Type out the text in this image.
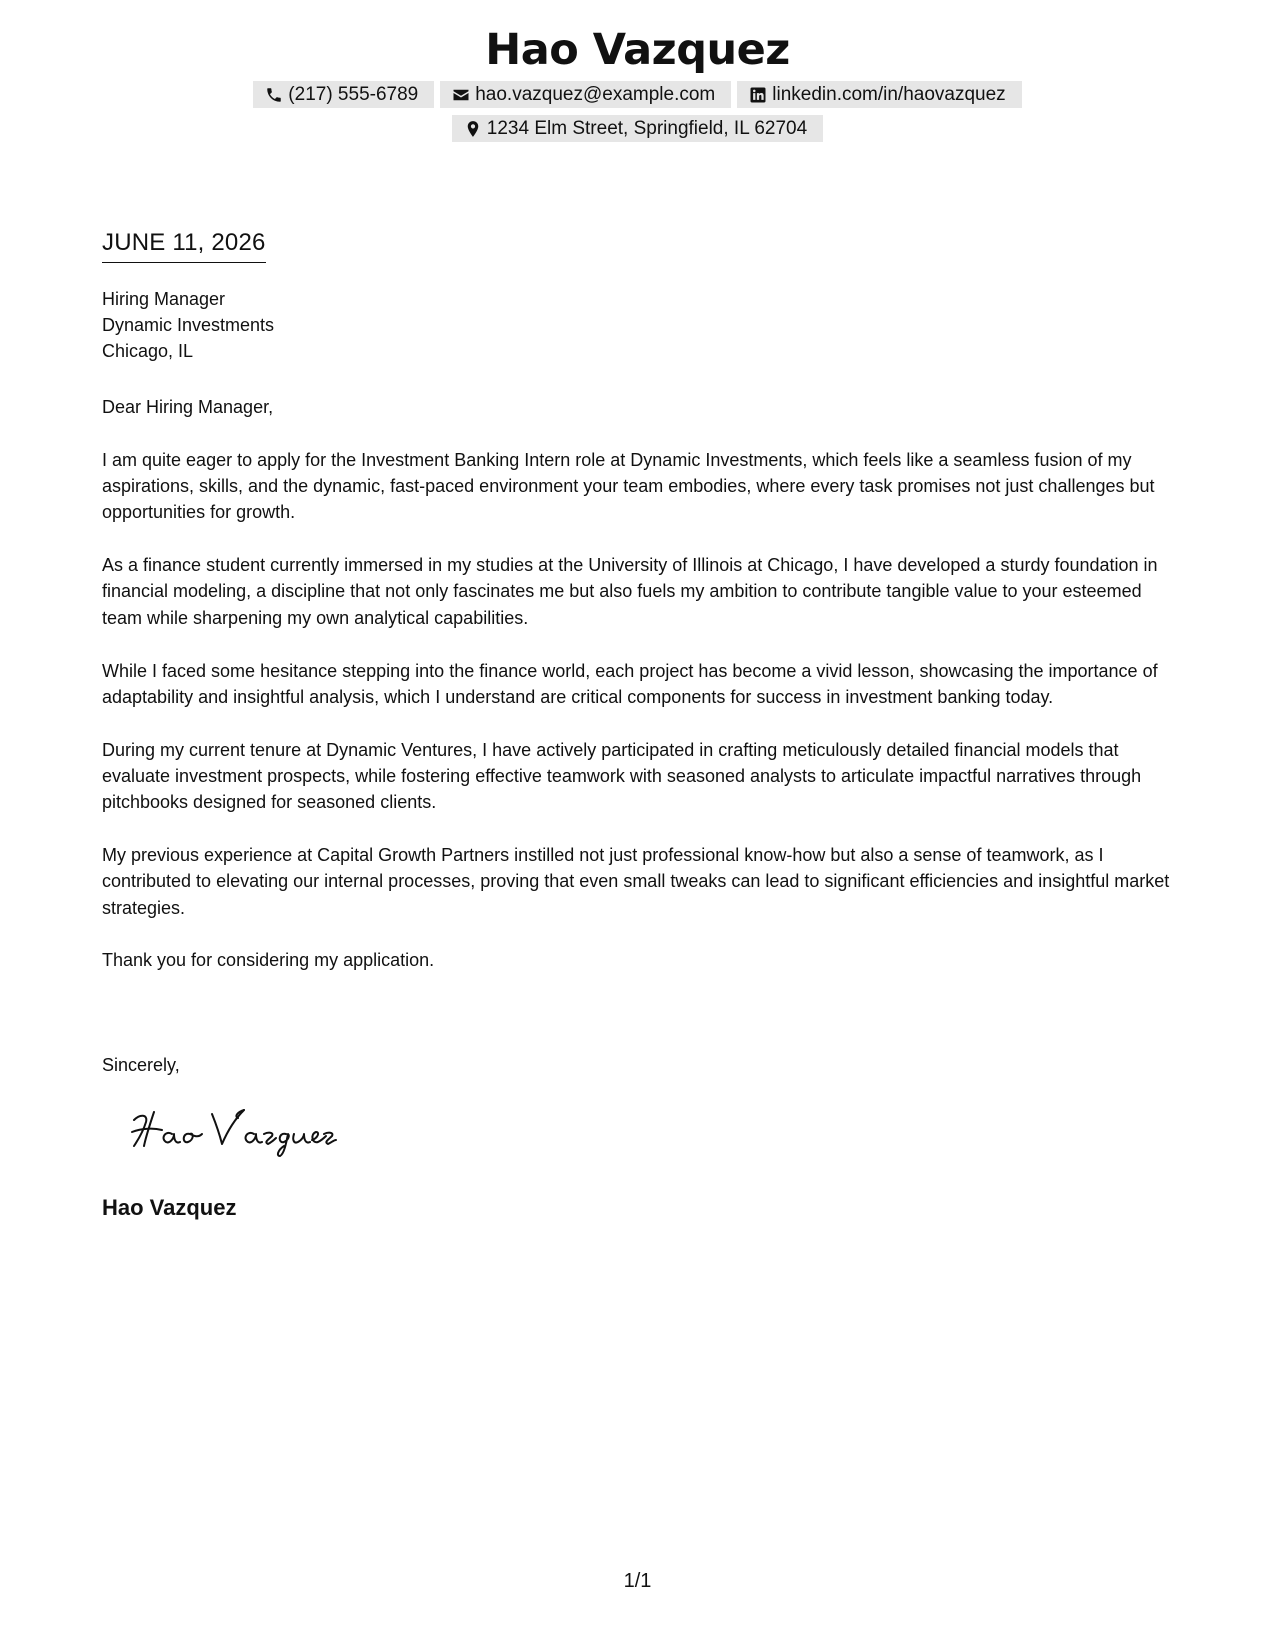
Hao Vazquez
(217) 555-6789	hao.vazquez@example.com	linkedin.com/in/haovazquez
1234 Elm Street, Springfield, IL 62704
JUNE 11, 2026
Hiring Manager
Dynamic Investments
Chicago, IL

Dear Hiring Manager,

I am quite eager to apply for the Investment Banking Intern role at Dynamic Investments, which feels like a seamless fusion of my aspirations, skills, and the dynamic, fast-paced environment your team embodies, where every task promises not just challenges but opportunities for growth.

As a finance student currently immersed in my studies at the University of Illinois at Chicago, I have developed a sturdy foundation in financial modeling, a discipline that not only fascinates me but also fuels my ambition to contribute tangible value to your esteemed team while sharpening my own analytical capabilities.

While I faced some hesitance stepping into the finance world, each project has become a vivid lesson, showcasing the importance of adaptability and insightful analysis, which I understand are critical components for success in investment banking today.

During my current tenure at Dynamic Ventures, I have actively participated in crafting meticulously detailed financial models that evaluate investment prospects, while fostering effective teamwork with seasoned analysts to articulate impactful narratives through pitchbooks designed for seasoned clients.

My previous experience at Capital Growth Partners instilled not just professional know-how but also a sense of teamwork, as I contributed to elevating our internal processes, proving that even small tweaks can lead to significant efficiencies and insightful market strategies.

Thank you for considering my application.

Sincerely,
Hao Vazquez
1/1
